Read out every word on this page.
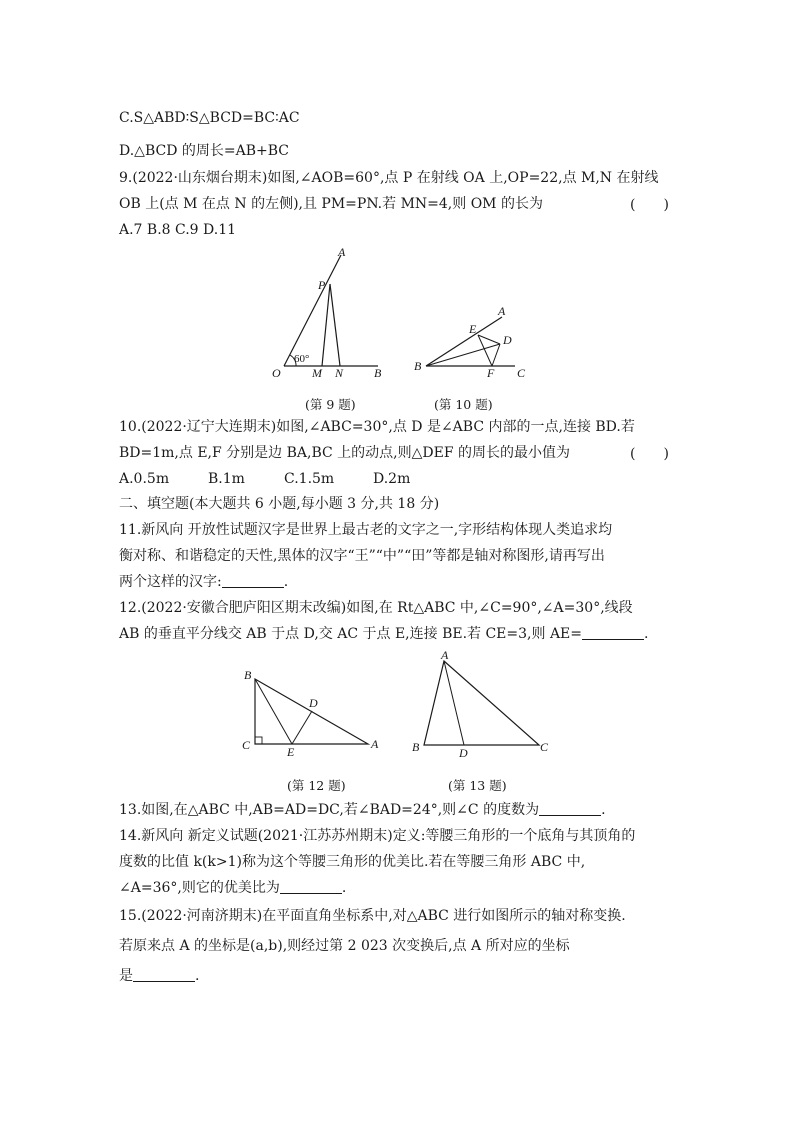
C.S△ABD∶S△BCD=BC∶AC
D.△BCD 的周长=AB+BC
9.(2022·山东烟台期末)如图,∠AOB=60°,点 P 在射线 OA 上,OP=22,点 M,N 在射线
OB 上(点 M 在点 N 的左侧),且 PM=PN.若 MN=4,则 OM 的长为	(　　)
A.7 B.8 C.9 D.11
A
P
60°
O	M N	B
A
E
D
B	F C
(第 9 题)	(第 10 题)
10.(2022·辽宁大连期末)如图,∠ABC=30°,点 D 是∠ABC 内部的一点,连接 BD.若
BD=1m,点 E,F 分别是边 BA,BC 上的动点,则△DEF 的周长的最小值为	(　　)
A.0.5m	B.1m	C.1.5m	D.2m
二、填空题(本大题共 6 小题,每小题 3 分,共 18 分)
11.新风向 开放性试题汉字是世界上最古老的文字之一,字形结构体现人类追求均
衡对称、和谐稳定的天性,黑体的汉字“王”“中”“田”等都是轴对称图形,请再写出
两个这样的汉字:	.
12.(2022·安徽合肥庐阳区期末改编)如图,在 Rt△ABC 中,∠C=90°,∠A=30°,线段
AB 的垂直平分线交 AB 于点 D,交 AC 于点 E,连接 BE.若 CE=3,则 AE=	.
B
D
C	E
A
A
B	D	C
(第 12 题)	(第 13 题)
13.如图,在△ABC 中,AB=AD=DC,若∠BAD=24°,则∠C 的度数为	.
14.新风向 新定义试题(2021·江苏苏州期末)定义:等腰三角形的一个底角与其顶角的
度数的比值 k(k>1)称为这个等腰三角形的优美比.若在等腰三角形 ABC 中,
∠A=36°,则它的优美比为	.
15.(2022·河南济期末)在平面直角坐标系中,对△ABC 进行如图所示的轴对称变换.
若原来点 A 的坐标是(a,b),则经过第 2 023 次变换后,点 A 所对应的坐标
是	.
